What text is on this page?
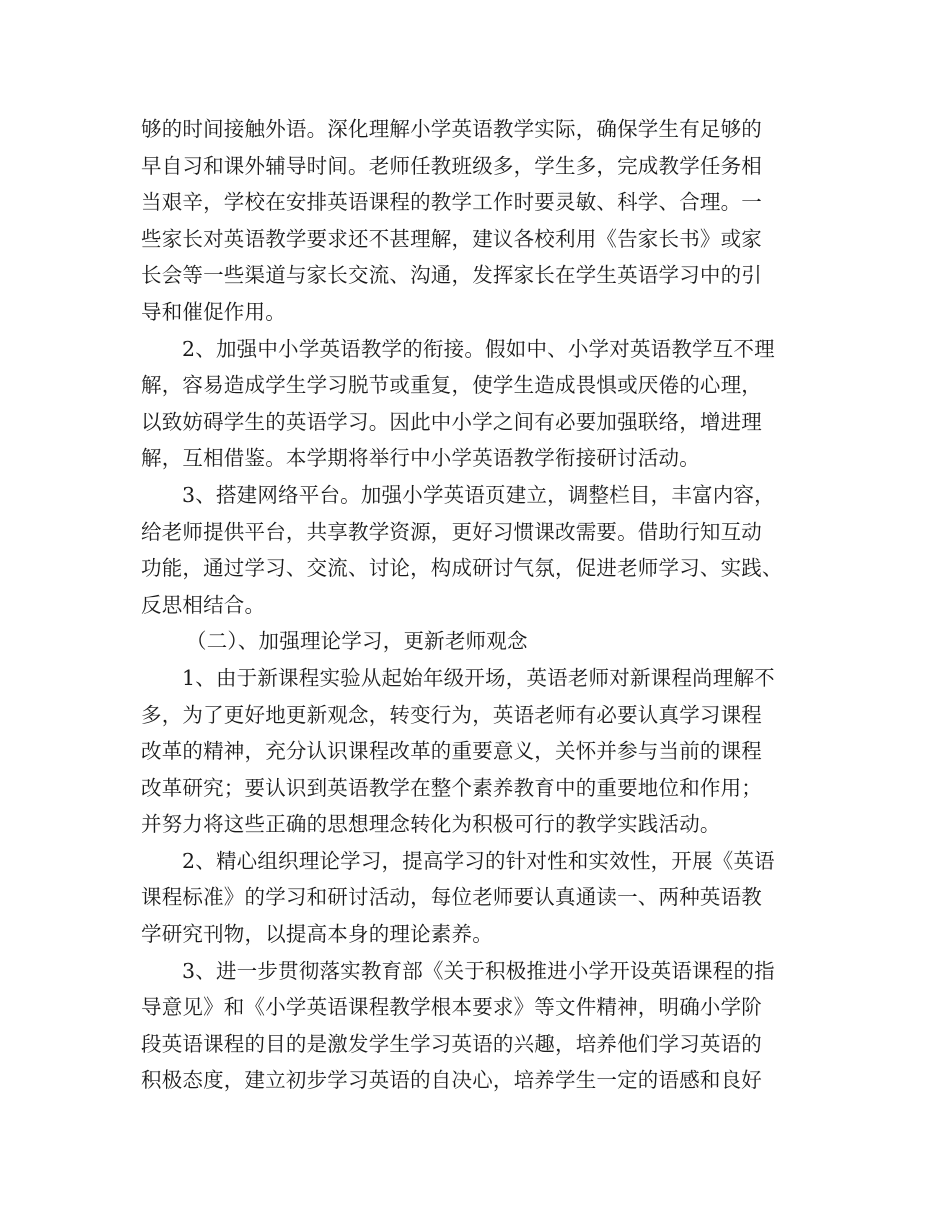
够的时间接触外语。深化理解小学英语教学实际，确保学生有足够的
早自习和课外辅导时间。老师任教班级多，学生多，完成教学任务相
当艰辛，学校在安排英语课程的教学工作时要灵敏、科学、合理。一
些家长对英语教学要求还不甚理解，建议各校利用《告家长书》或家
长会等一些渠道与家长交流、沟通，发挥家长在学生英语学习中的引
导和催促作用。
2、加强中小学英语教学的衔接。假如中、小学对英语教学互不理
解，容易造成学生学习脱节或重复，使学生造成畏惧或厌倦的心理，
以致妨碍学生的英语学习。因此中小学之间有必要加强联络，增进理
解，互相借鉴。本学期将举行中小学英语教学衔接研讨活动。
3、搭建网络平台。加强小学英语页建立，调整栏目，丰富内容，
给老师提供平台，共享教学资源，更好习惯课改需要。借助行知互动
功能，通过学习、交流、讨论，构成研讨气氛，促进老师学习、实践、
反思相结合。
（二）、加强理论学习，更新老师观念
1、由于新课程实验从起始年级开场，英语老师对新课程尚理解不
多，为了更好地更新观念，转变行为，英语老师有必要认真学习课程
改革的精神，充分认识课程改革的重要意义，关怀并参与当前的课程
改革研究；要认识到英语教学在整个素养教育中的重要地位和作用；
并努力将这些正确的思想理念转化为积极可行的教学实践活动。
2、精心组织理论学习，提高学习的针对性和实效性，开展《英语
课程标准》的学习和研讨活动，每位老师要认真通读一、两种英语教
学研究刊物，以提高本身的理论素养。
3、进一步贯彻落实教育部《关于积极推进小学开设英语课程的指
导意见》和《小学英语课程教学根本要求》等文件精神，明确小学阶
段英语课程的目的是激发学生学习英语的兴趣，培养他们学习英语的
积极态度，建立初步学习英语的自决心，培养学生一定的语感和良好
